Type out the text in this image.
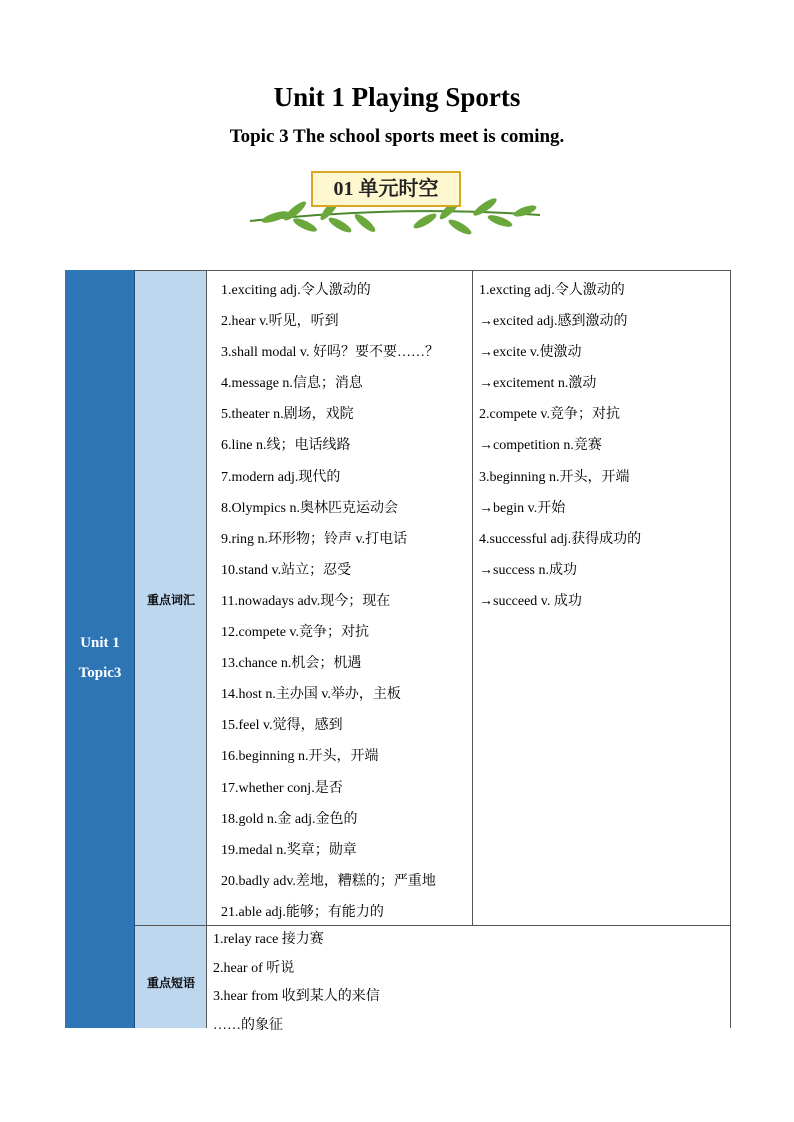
Unit 1 Playing Sports
Topic 3 The school sports meet is coming.
01 单元时空
Unit 1
Topic3
重点词汇
重点短语
1.exciting adj.令人激动的
2.hear v.听见，听到
3.shall modal v. 好吗？要不要……？
4.message n.信息；消息
5.theater n.剧场，戏院
6.line n.线；电话线路
7.modern adj.现代的
8.Olympics n.奥林匹克运动会
9.ring n.环形物；铃声 v.打电话
10.stand v.站立；忍受
11.nowadays adv.现今；现在
12.compete v.竞争；对抗
13.chance n.机会；机遇
14.host n.主办国 v.举办，主板
15.feel v.觉得，感到
16.beginning n.开头，开端
17.whether conj.是否
18.gold n.金 adj.金色的
19.medal n.奖章；勋章
20.badly adv.差地，糟糕的；严重地
21.able adj.能够；有能力的
1.excting adj.令人激动的
→excited adj.感到激动的
→excite v.使激动
→excitement n.激动
2.compete v.竞争；对抗
→competition n.竞赛
3.beginning n.开头，开端
→begin v.开始
4.successful adj.获得成功的
→success n.成功
→succeed v. 成功
1.relay race 接力赛
2.hear of 听说
3.hear from 收到某人的来信
……的象征
